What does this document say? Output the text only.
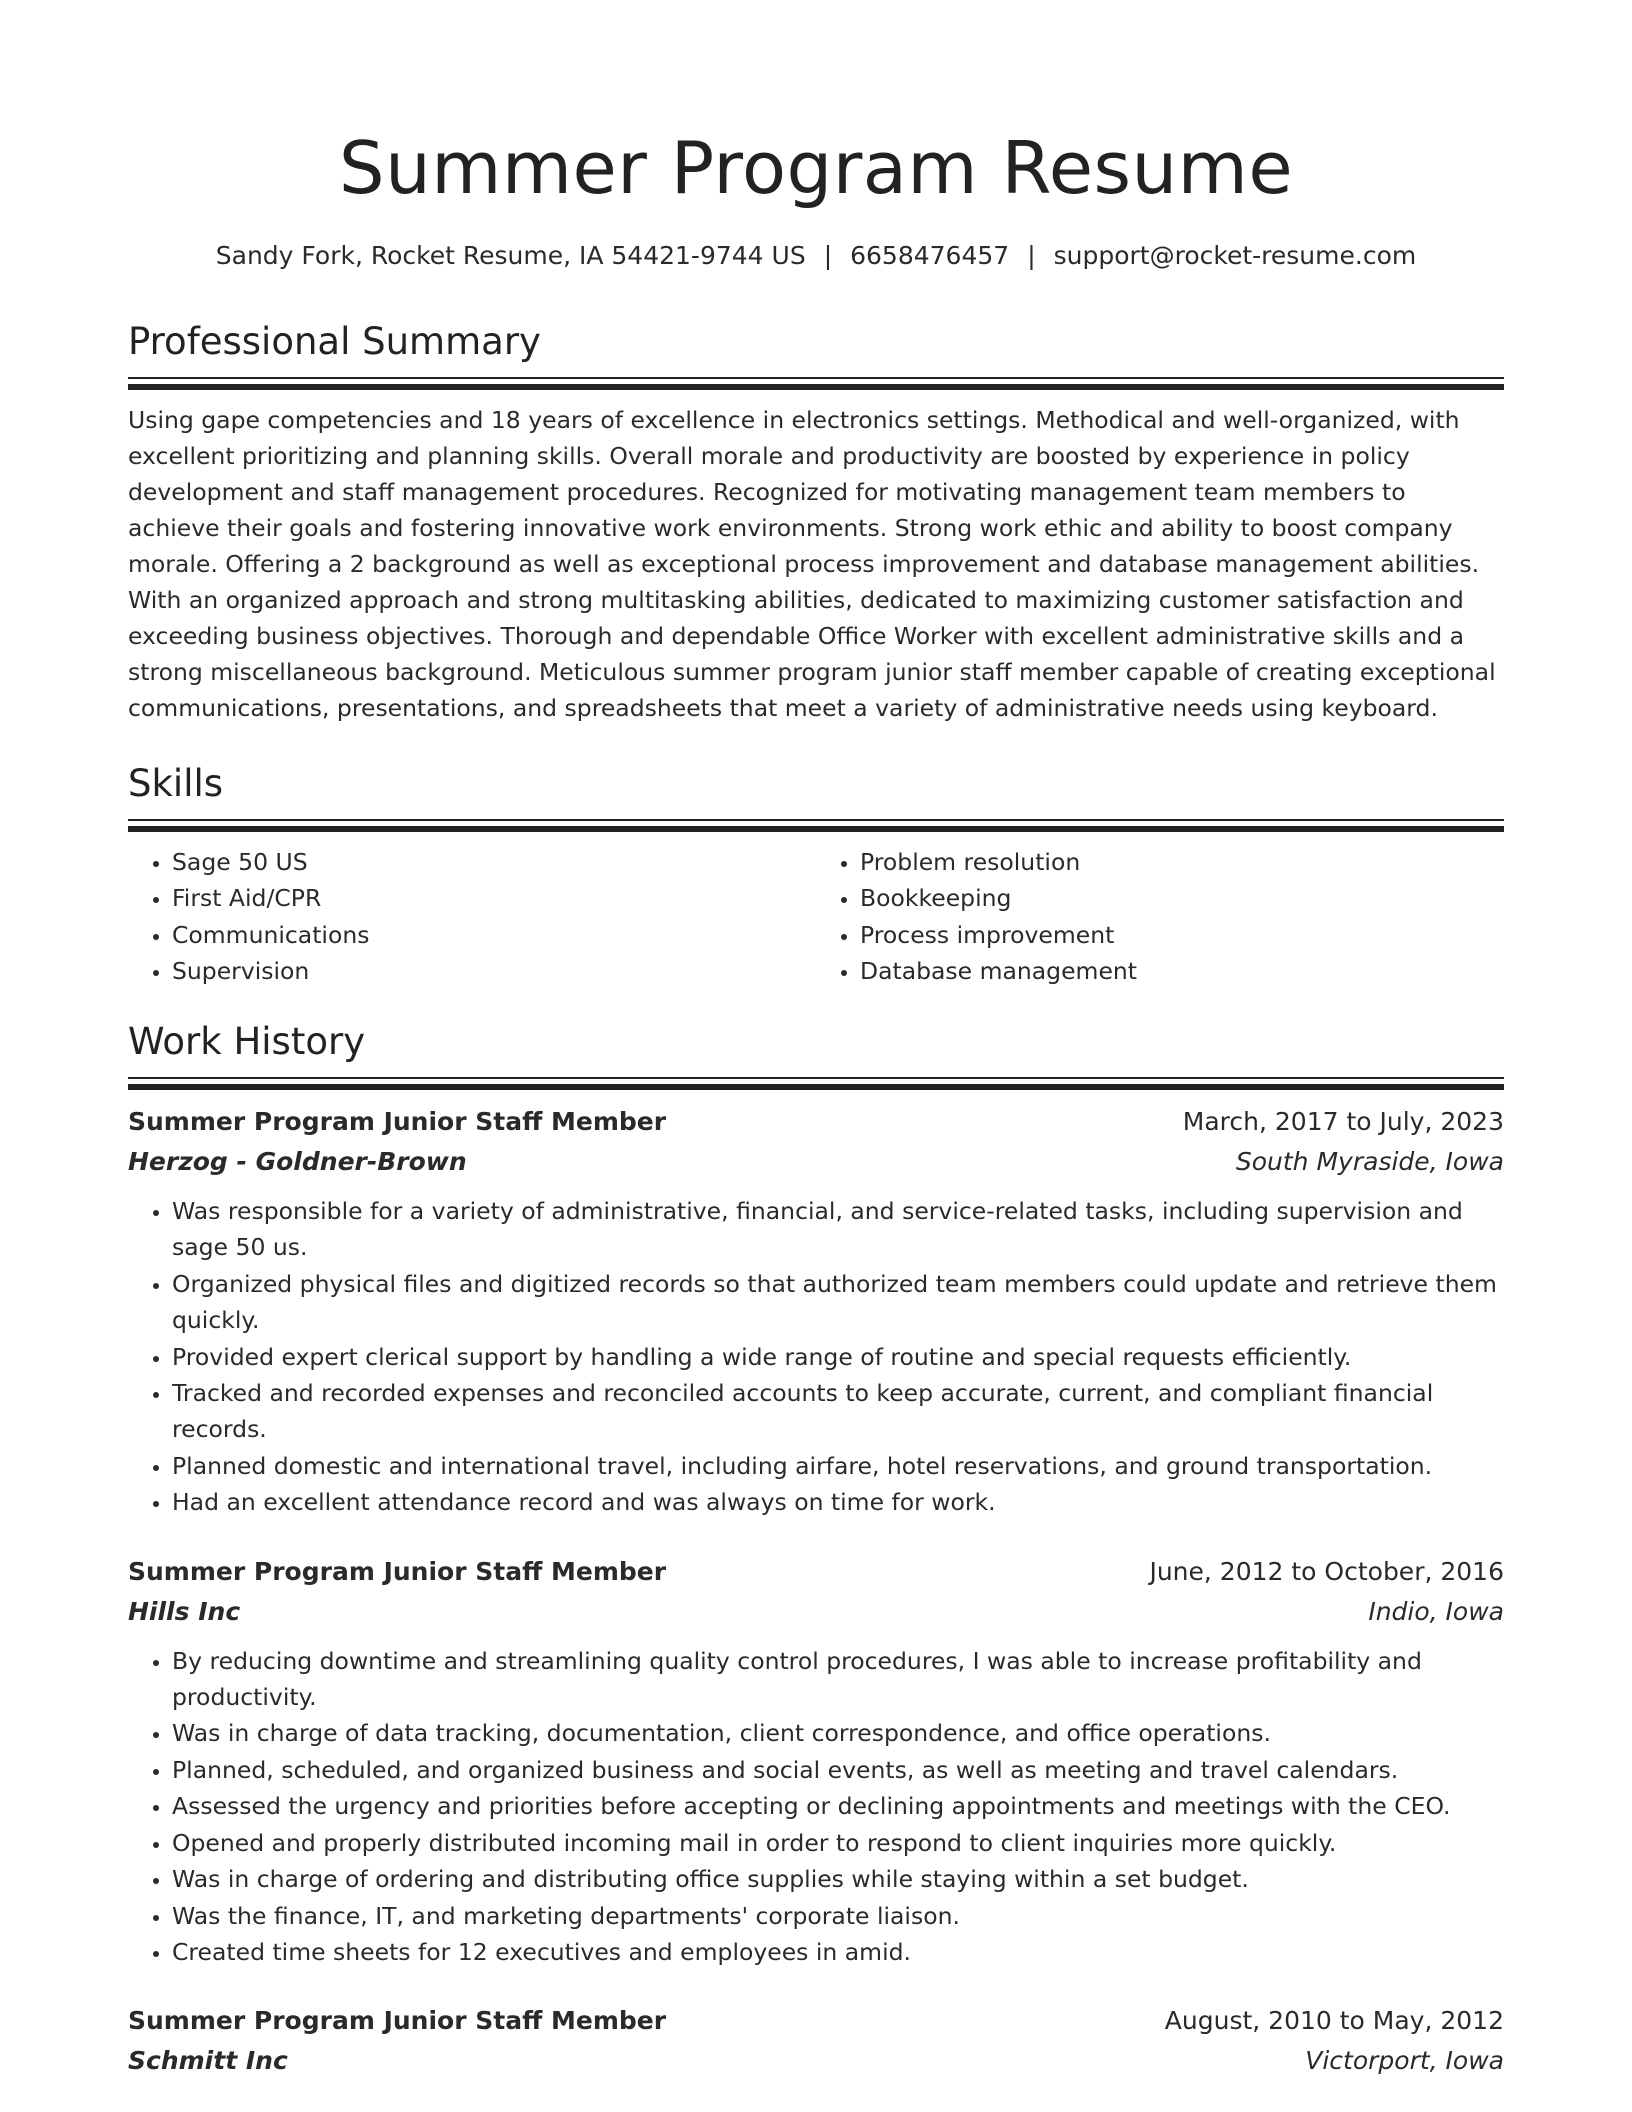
Summer Program Resume
Sandy Fork, Rocket Resume, IA 54421-9744 US | 6658476457 | support@rocket-resume.com
Professional Summary

Using gape competencies and 18 years of excellence in electronics settings. Methodical and well-organized, with excellent prioritizing and planning skills. Overall morale and productivity are boosted by experience in policy development and staff management procedures. Recognized for motivating management team members to achieve their goals and fostering innovative work environments. Strong work ethic and ability to boost company morale. Offering a 2 background as well as exceptional process improvement and database management abilities. With an organized approach and strong multitasking abilities, dedicated to maximizing customer satisfaction and exceeding business objectives. Thorough and dependable Office Worker with excellent administrative skills and a strong miscellaneous background. Meticulous summer program junior staff member capable of creating exceptional communications, presentations, and spreadsheets that meet a variety of administrative needs using keyboard.

Skills
• Sage 50 US
• First Aid/CPR
• Communications
• Supervision
• Problem resolution
• Bookkeeping
• Process improvement
• Database management
Work History
Summer Program Junior Staff Member	March, 2017 to July, 2023
Herzog - Goldner-Brown	South Myraside, Iowa
• Was responsible for a variety of administrative, financial, and service-related tasks, including supervision and sage 50 us.
• Organized physical files and digitized records so that authorized team members could update and retrieve them quickly.
• Provided expert clerical support by handling a wide range of routine and special requests efficiently.
• Tracked and recorded expenses and reconciled accounts to keep accurate, current, and compliant financial records.
• Planned domestic and international travel, including airfare, hotel reservations, and ground transportation.
• Had an excellent attendance record and was always on time for work.
Summer Program Junior Staff Member	June, 2012 to October, 2016
Hills Inc	Indio, Iowa
• By reducing downtime and streamlining quality control procedures, I was able to increase profitability and productivity.
• Was in charge of data tracking, documentation, client correspondence, and office operations.
• Planned, scheduled, and organized business and social events, as well as meeting and travel calendars.
• Assessed the urgency and priorities before accepting or declining appointments and meetings with the CEO.
• Opened and properly distributed incoming mail in order to respond to client inquiries more quickly.
• Was in charge of ordering and distributing office supplies while staying within a set budget.
• Was the finance, IT, and marketing departments' corporate liaison.
• Created time sheets for 12 executives and employees in amid.
Summer Program Junior Staff Member	August, 2010 to May, 2012
Schmitt Inc	Victorport, Iowa
